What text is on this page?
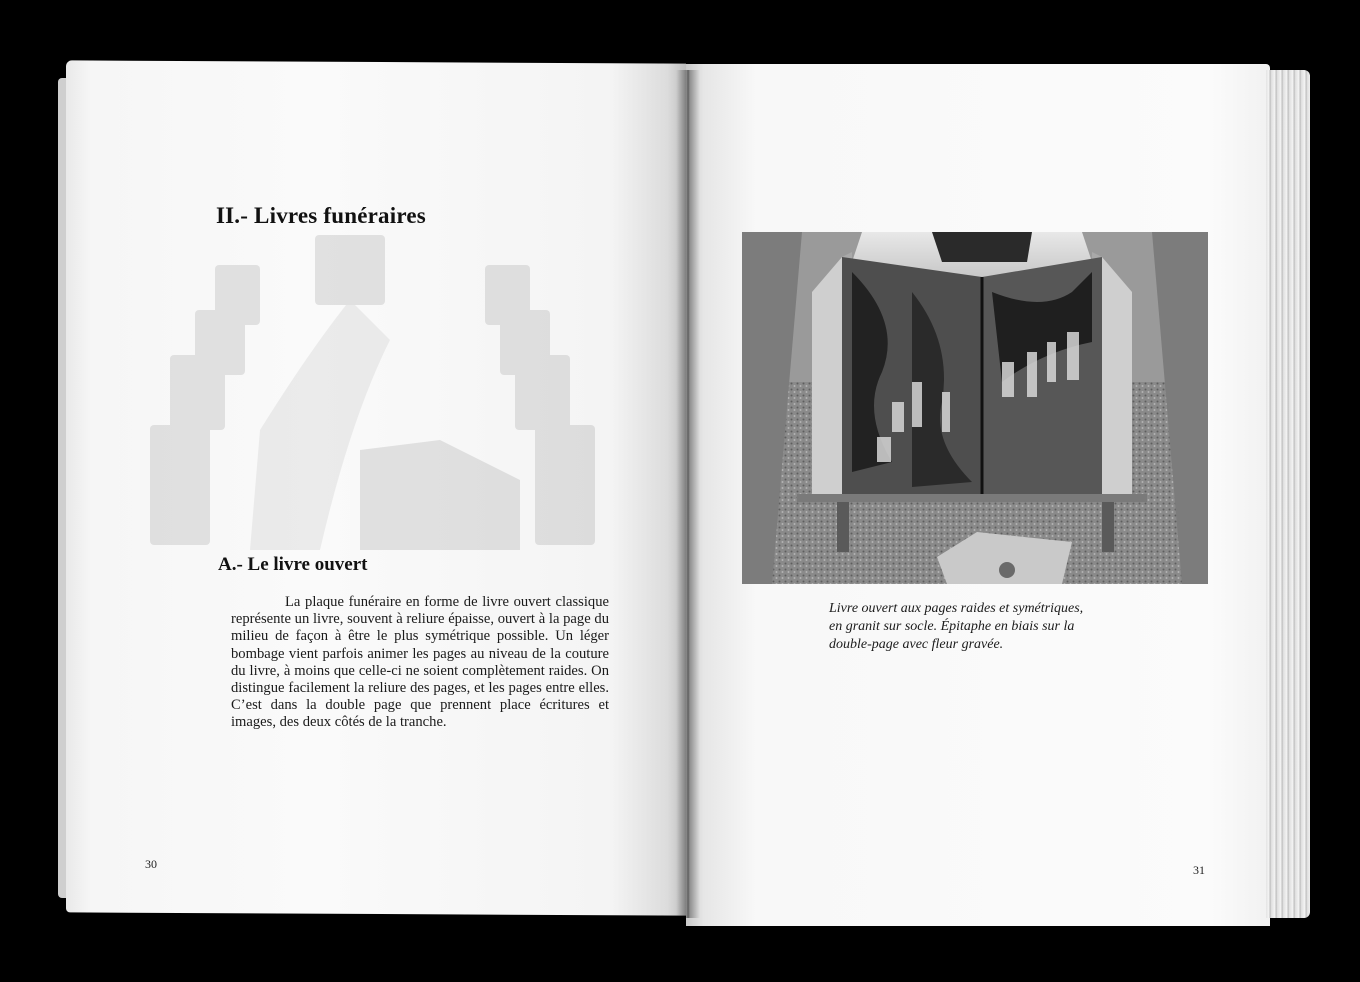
II.- Livres funéraires
A.- Le livre ouvert

La plaque funéraire en forme de livre ouvert classique représente un livre, souvent à reliure épaisse, ouvert à la page du milieu de façon à être le plus symétrique possible. Un léger bombage vient parfois animer les pages au niveau de la couture du livre, à moins que celle-ci ne soient complètement raides. On distingue facilement la reliure des pages, et les pages entre elles. C’est dans la double page que prennent place écritures et images, des deux côtés de la tranche.

30

Livre ouvert aux pages raides et symétriques,
en granit sur socle. Épitaphe en biais sur la
double-page avec fleur gravée.

31
